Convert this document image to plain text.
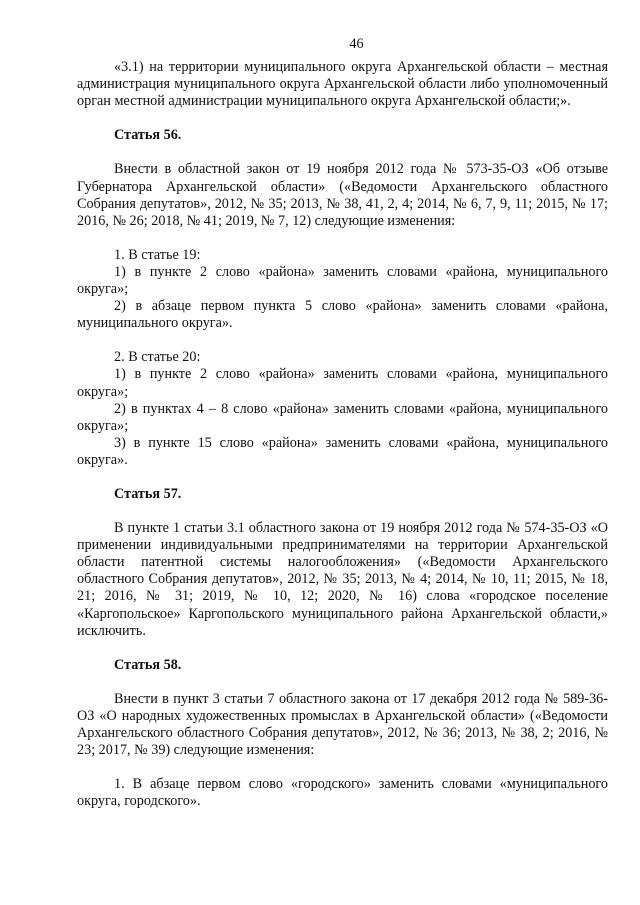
46

«3.1) на территории муниципального округа Архангельской области – местная администрация муниципального округа Архангельской области либо уполномоченный орган местной администрации муниципального округа Архангельской области;».

Статья 56.

Внести в областной закон от 19 ноября 2012 года № 573-35-ОЗ «Об отзыве Губернатора Архангельской области» («Ведомости Архангельского областного Собрания депутатов», 2012, № 35; 2013, № 38, 41, 2, 4; 2014, № 6, 7, 9, 11; 2015, № 17; 2016, № 26; 2018, № 41; 2019, № 7, 12) следующие изменения:

1. В статье 19:

1) в пункте 2 слово «района» заменить словами «района, муниципального округа»;

2) в абзаце первом пункта 5 слово «района» заменить словами «района, муниципального округа».

2. В статье 20:

1) в пункте 2 слово «района» заменить словами «района, муниципального округа»;

2) в пунктах 4 – 8 слово «района» заменить словами «района, муниципального округа»;

3) в пункте 15 слово «района» заменить словами «района, муниципального округа».

Статья 57.

В пункте 1 статьи 3.1 областного закона от 19 ноября 2012 года № 574-35-ОЗ «О применении индивидуальными предпринимателями на территории Архангельской области патентной системы налогообложения» («Ведомости Архангельского областного Собрания депутатов», 2012, № 35; 2013, № 4; 2014, № 10, 11; 2015, № 18, 21; 2016, № 31; 2019, № 10, 12; 2020, № 16) слова «городское поселение «Каргопольское» Каргопольского муниципального района Архангельской области,» исключить.

Статья 58.

Внести в пункт 3 статьи 7 областного закона от 17 декабря 2012 года № 589-36-ОЗ «О народных художественных промыслах в Архангельской области» («Ведомости Архангельского областного Собрания депутатов», 2012, № 36; 2013, № 38, 2; 2016, № 23; 2017, № 39) следующие изменения:

1. В абзаце первом слово «городского» заменить словами «муниципального округа, городского».
